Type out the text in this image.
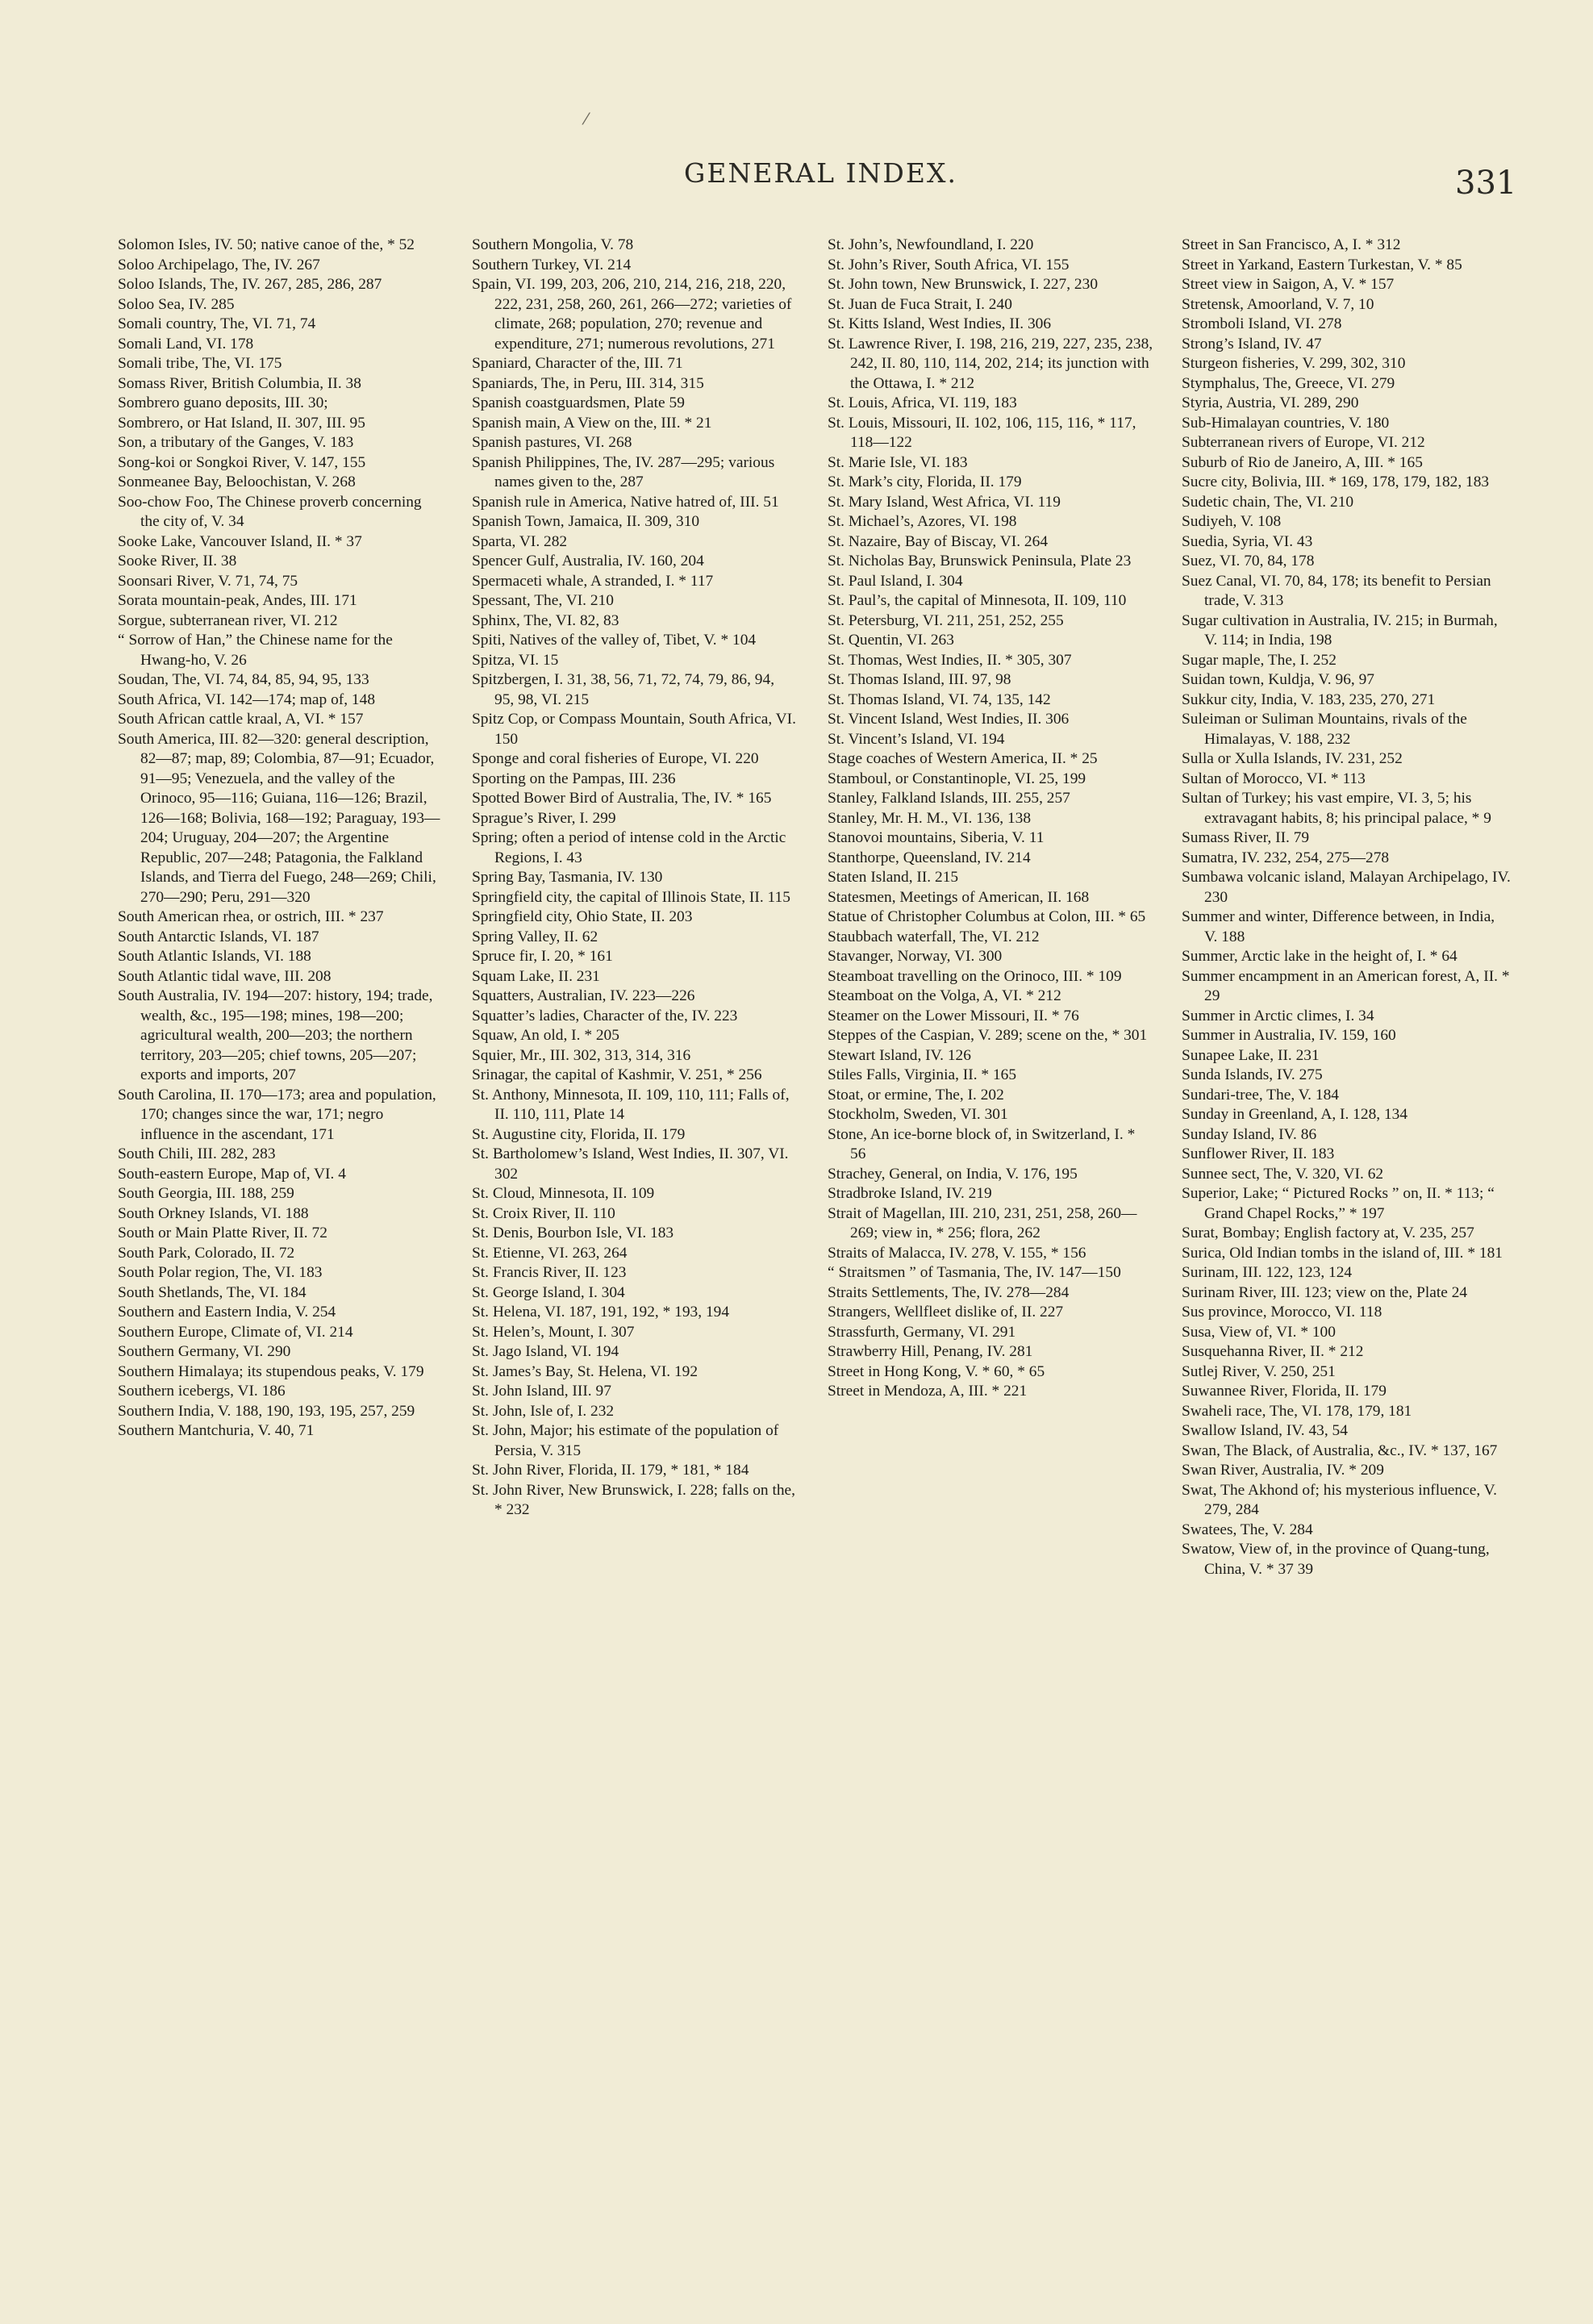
⁄
GENERAL INDEX.	331

Solomon Isles, IV. 50; native canoe of the, * 52

Soloo Archipelago, The, IV. 267

Soloo Islands, The, IV. 267, 285, 286, 287

Soloo Sea, IV. 285

Somali country, The, VI. 71, 74

Somali Land, VI. 178

Somali tribe, The, VI. 175

Somass River, British Columbia, II. 38

Sombrero guano deposits, III. 30;

Sombrero, or Hat Island, II. 307, III. 95

Son, a tributary of the Ganges, V. 183

Song-koi or Songkoi River, V. 147, 155

Sonmeanee Bay, Beloochistan, V. 268

Soo-chow Foo, The Chinese proverb concerning the city of, V. 34

Sooke Lake, Vancouver Island, II. * 37

Sooke River, II. 38

Soonsari River, V. 71, 74, 75

Sorata mountain-peak, Andes, III. 171

Sorgue, subterranean river, VI. 212

“ Sorrow of Han,” the Chinese name for the Hwang-ho, V. 26

Soudan, The, VI. 74, 84, 85, 94, 95, 133

South Africa, VI. 142—174; map of, 148

South African cattle kraal, A, VI. * 157

South America, III. 82—320: general description, 82—87; map, 89; Colombia, 87—91; Ecuador, 91—95; Venezuela, and the valley of the Orinoco, 95—116; Guiana, 116—126; Brazil, 126—168; Bolivia, 168—192; Paraguay, 193—204; Uruguay, 204—207; the Argentine Republic, 207—248; Patagonia, the Falkland Islands, and Tierra del Fuego, 248—269; Chili, 270—290; Peru, 291—320

South American rhea, or ostrich, III. * 237

South Antarctic Islands, VI. 187

South Atlantic Islands, VI. 188

South Atlantic tidal wave, III. 208

South Australia, IV. 194—207: history, 194; trade, wealth, &c., 195—198; mines, 198—200; agricultural wealth, 200—203; the northern territory, 203—205; chief towns, 205—207; exports and imports, 207

South Carolina, II. 170—173; area and population, 170; changes since the war, 171; negro influence in the ascendant, 171

South Chili, III. 282, 283

South-eastern Europe, Map of, VI. 4

South Georgia, III. 188, 259

South Orkney Islands, VI. 188

South or Main Platte River, II. 72

South Park, Colorado, II. 72

South Polar region, The, VI. 183

South Shetlands, The, VI. 184

Southern and Eastern India, V. 254

Southern Europe, Climate of, VI. 214

Southern Germany, VI. 290

Southern Himalaya; its stupendous peaks, V. 179

Southern icebergs, VI. 186

Southern India, V. 188, 190, 193, 195, 257, 259

Southern Mantchuria, V. 40, 71

Southern Mongolia, V. 78

Southern Turkey, VI. 214

Spain, VI. 199, 203, 206, 210, 214, 216, 218, 220, 222, 231, 258, 260, 261, 266—272; varieties of climate, 268; population, 270; revenue and expenditure, 271; numerous revolutions, 271

Spaniard, Character of the, III. 71

Spaniards, The, in Peru, III. 314, 315

Spanish coastguardsmen, Plate 59

Spanish main, A View on the, III. * 21

Spanish pastures, VI. 268

Spanish Philippines, The, IV. 287—295; various names given to the, 287

Spanish rule in America, Native hatred of, III. 51

Spanish Town, Jamaica, II. 309, 310

Sparta, VI. 282

Spencer Gulf, Australia, IV. 160, 204

Spermaceti whale, A stranded, I. * 117

Spessant, The, VI. 210

Sphinx, The, VI. 82, 83

Spiti, Natives of the valley of, Tibet, V. * 104

Spitza, VI. 15

Spitzbergen, I. 31, 38, 56, 71, 72, 74, 79, 86, 94, 95, 98, VI. 215

Spitz Cop, or Compass Mountain, South Africa, VI. 150

Sponge and coral fisheries of Europe, VI. 220

Sporting on the Pampas, III. 236

Spotted Bower Bird of Australia, The, IV. * 165

Sprague’s River, I. 299

Spring; often a period of intense cold in the Arctic Regions, I. 43

Spring Bay, Tasmania, IV. 130

Springfield city, the capital of Illinois State, II. 115

Springfield city, Ohio State, II. 203

Spring Valley, II. 62

Spruce fir, I. 20, * 161

Squam Lake, II. 231

Squatters, Australian, IV. 223—226

Squatter’s ladies, Character of the, IV. 223

Squaw, An old, I. * 205

Squier, Mr., III. 302, 313, 314, 316

Srinagar, the capital of Kashmir, V. 251, * 256

St. Anthony, Minnesota, II. 109, 110, 111; Falls of, II. 110, 111, Plate 14

St. Augustine city, Florida, II. 179

St. Bartholomew’s Island, West Indies, II. 307, VI. 302

St. Cloud, Minnesota, II. 109

St. Croix River, II. 110

St. Denis, Bourbon Isle, VI. 183

St. Etienne, VI. 263, 264

St. Francis River, II. 123

St. George Island, I. 304

St. Helena, VI. 187, 191, 192, * 193, 194

St. Helen’s, Mount, I. 307

St. Jago Island, VI. 194

St. James’s Bay, St. Helena, VI. 192

St. John Island, III. 97

St. John, Isle of, I. 232

St. John, Major; his estimate of the population of Persia, V. 315

St. John River, Florida, II. 179, * 181, * 184

St. John River, New Brunswick, I. 228; falls on the, * 232

St. John’s, Newfoundland, I. 220

St. John’s River, South Africa, VI. 155

St. John town, New Brunswick, I. 227, 230

St. Juan de Fuca Strait, I. 240

St. Kitts Island, West Indies, II. 306

St. Lawrence River, I. 198, 216, 219, 227, 235, 238, 242, II. 80, 110, 114, 202, 214; its junction with the Ottawa, I. * 212

St. Louis, Africa, VI. 119, 183

St. Louis, Missouri, II. 102, 106, 115, 116, * 117, 118—122

St. Marie Isle, VI. 183

St. Mark’s city, Florida, II. 179

St. Mary Island, West Africa, VI. 119

St. Michael’s, Azores, VI. 198

St. Nazaire, Bay of Biscay, VI. 264

St. Nicholas Bay, Brunswick Peninsula, Plate 23

St. Paul Island, I. 304

St. Paul’s, the capital of Minnesota, II. 109, 110

St. Petersburg, VI. 211, 251, 252, 255

St. Quentin, VI. 263

St. Thomas, West Indies, II. * 305, 307

St. Thomas Island, III. 97, 98

St. Thomas Island, VI. 74, 135, 142

St. Vincent Island, West Indies, II. 306

St. Vincent’s Island, VI. 194

Stage coaches of Western America, II. * 25

Stamboul, or Constantinople, VI. 25, 199

Stanley, Falkland Islands, III. 255, 257

Stanley, Mr. H. M., VI. 136, 138

Stanovoi mountains, Siberia, V. 11

Stanthorpe, Queensland, IV. 214

Staten Island, II. 215

Statesmen, Meetings of American, II. 168

Statue of Christopher Columbus at Colon, III. * 65

Staubbach waterfall, The, VI. 212

Stavanger, Norway, VI. 300

Steamboat travelling on the Orinoco, III. * 109

Steamboat on the Volga, A, VI. * 212

Steamer on the Lower Missouri, II. * 76

Steppes of the Caspian, V. 289; scene on the, * 301

Stewart Island, IV. 126

Stiles Falls, Virginia, II. * 165

Stoat, or ermine, The, I. 202

Stockholm, Sweden, VI. 301

Stone, An ice-borne block of, in Switzerland, I. * 56

Strachey, General, on India, V. 176, 195

Stradbroke Island, IV. 219

Strait of Magellan, III. 210, 231, 251, 258, 260—269; view in, * 256; flora, 262

Straits of Malacca, IV. 278, V. 155, * 156

“ Straitsmen ” of Tasmania, The, IV. 147—150

Straits Settlements, The, IV. 278—284

Strangers, Wellfleet dislike of, II. 227

Strassfurth, Germany, VI. 291

Strawberry Hill, Penang, IV. 281

Street in Hong Kong, V. * 60, * 65

Street in Mendoza, A, III. * 221

Street in San Francisco, A, I. * 312

Street in Yarkand, Eastern Turkestan, V. * 85

Street view in Saigon, A, V. * 157

Stretensk, Amoorland, V. 7, 10

Stromboli Island, VI. 278

Strong’s Island, IV. 47

Sturgeon fisheries, V. 299, 302, 310

Stymphalus, The, Greece, VI. 279

Styria, Austria, VI. 289, 290

Sub-Himalayan countries, V. 180

Subterranean rivers of Europe, VI. 212

Suburb of Rio de Janeiro, A, III. * 165

Sucre city, Bolivia, III. * 169, 178, 179, 182, 183

Sudetic chain, The, VI. 210

Sudiyeh, V. 108

Suedia, Syria, VI. 43

Suez, VI. 70, 84, 178

Suez Canal, VI. 70, 84, 178; its benefit to Persian trade, V. 313

Sugar cultivation in Australia, IV. 215; in Burmah, V. 114; in India, 198

Sugar maple, The, I. 252

Suidan town, Kuldja, V. 96, 97

Sukkur city, India, V. 183, 235, 270, 271

Suleiman or Suliman Mountains, rivals of the Himalayas, V. 188, 232

Sulla or Xulla Islands, IV. 231, 252

Sultan of Morocco, VI. * 113

Sultan of Turkey; his vast empire, VI. 3, 5; his extravagant habits, 8; his principal palace, * 9

Sumass River, II. 79

Sumatra, IV. 232, 254, 275—278

Sumbawa volcanic island, Malayan Archipelago, IV. 230

Summer and winter, Difference between, in India, V. 188

Summer, Arctic lake in the height of, I. * 64

Summer encampment in an American forest, A, II. * 29

Summer in Arctic climes, I. 34

Summer in Australia, IV. 159, 160

Sunapee Lake, II. 231

Sunda Islands, IV. 275

Sundari-tree, The, V. 184

Sunday in Greenland, A, I. 128, 134

Sunday Island, IV. 86

Sunflower River, II. 183

Sunnee sect, The, V. 320, VI. 62

Superior, Lake; “ Pictured Rocks ” on, II. * 113; “ Grand Chapel Rocks,” * 197

Surat, Bombay; English factory at, V. 235, 257

Surica, Old Indian tombs in the island of, III. * 181

Surinam, III. 122, 123, 124

Surinam River, III. 123; view on the, Plate 24

Sus province, Morocco, VI. 118

Susa, View of, VI. * 100

Susquehanna River, II. * 212

Sutlej River, V. 250, 251

Suwannee River, Florida, II. 179

Swaheli race, The, VI. 178, 179, 181

Swallow Island, IV. 43, 54

Swan, The Black, of Australia, &c., IV. * 137, 167

Swan River, Australia, IV. * 209

Swat, The Akhond of; his mysterious influence, V. 279, 284

Swatees, The, V. 284

Swatow, View of, in the province of Quang-tung, China, V. * 37 39
